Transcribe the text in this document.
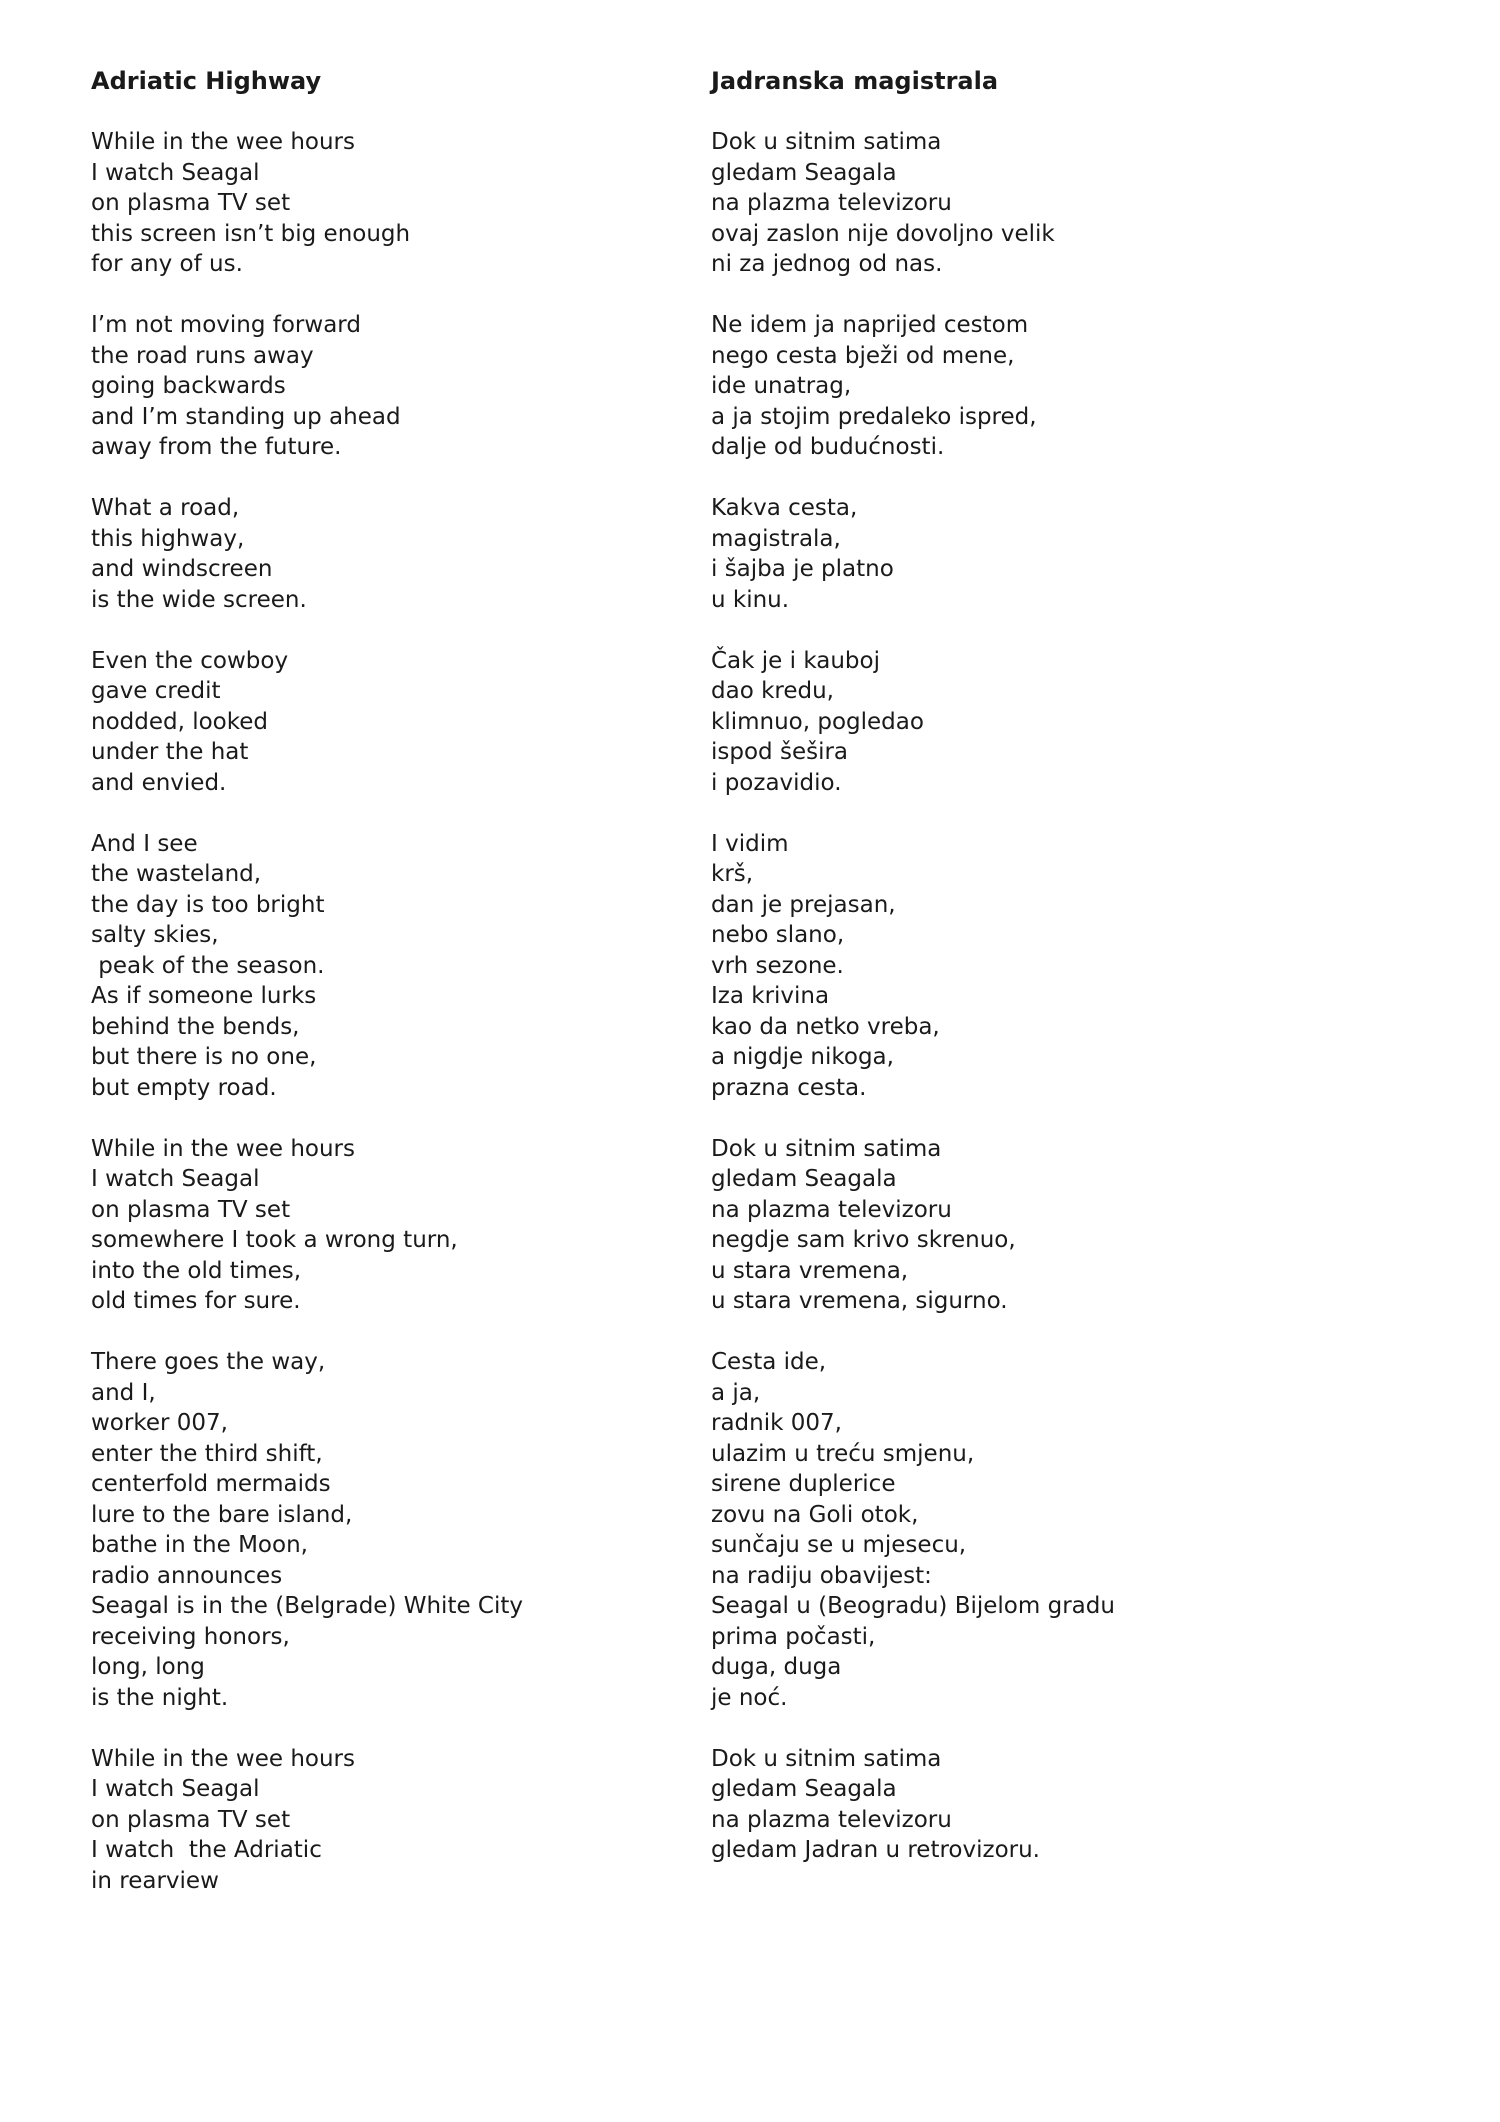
Adriatic Highway
While in the wee hours
I watch Seagal
on plasma TV set
this screen isn’t big enough
for any of us.
I’m not moving forward
the road runs away
going backwards
and I’m standing up ahead
away from the future.
What a road,
this highway,
and windscreen
is the wide screen.
Even the cowboy
gave credit
nodded, looked
under the hat
and envied.
And I see
the wasteland,
the day is too bright
salty skies,
peak of the season.
As if someone lurks
behind the bends,
but there is no one,
but empty road.
While in the wee hours
I watch Seagal
on plasma TV set
somewhere I took a wrong turn,
into the old times,
old times for sure.
There goes the way,
and I,
worker 007,
enter the third shift,
centerfold mermaids
lure to the bare island,
bathe in the Moon,
radio announces
Seagal is in the (Belgrade) White City
receiving honors,
long, long
is the night.
While in the wee hours
I watch Seagal
on plasma TV set
I watch  the Adriatic
in rearview
Jadranska magistrala
Dok u sitnim satima
gledam Seagala
na plazma televizoru
ovaj zaslon nije dovoljno velik
ni za jednog od nas.
Ne idem ja naprijed cestom
nego cesta bježi od mene,
ide unatrag,
a ja stojim predaleko ispred,
dalje od budućnosti.
Kakva cesta,
magistrala,
i šajba je platno
u kinu.
Čak je i kauboj
dao kredu,
klimnuo, pogledao
ispod šešira
i pozavidio.
I vidim
krš,
dan je prejasan,
nebo slano,
vrh sezone.
Iza krivina
kao da netko vreba,
a nigdje nikoga,
prazna cesta.
Dok u sitnim satima
gledam Seagala
na plazma televizoru
negdje sam krivo skrenuo,
u stara vremena,
u stara vremena, sigurno.
Cesta ide,
a ja,
radnik 007,
ulazim u treću smjenu,
sirene duplerice
zovu na Goli otok,
sunčaju se u mjesecu,
na radiju obavijest:
Seagal u (Beogradu) Bijelom gradu
prima počasti,
duga, duga
je noć.
Dok u sitnim satima
gledam Seagala
na plazma televizoru
gledam Jadran u retrovizoru.
